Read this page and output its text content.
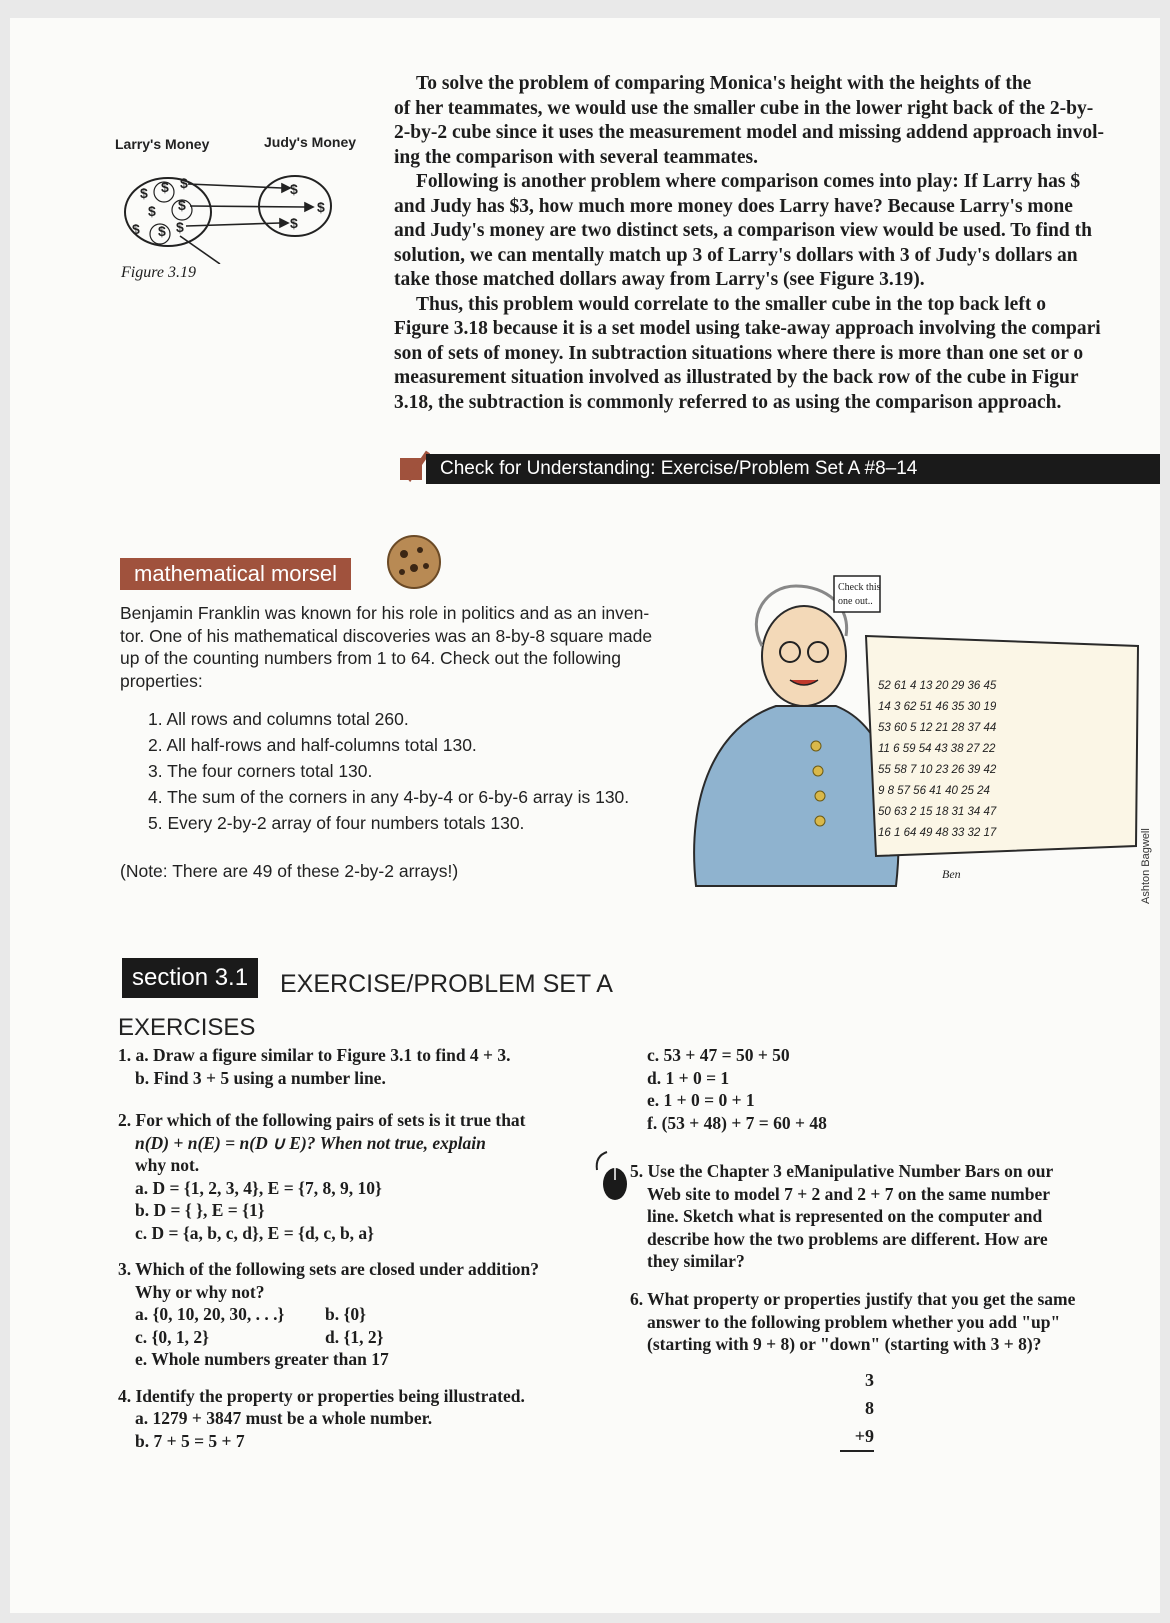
Larry's Money	Judy's Money
$ $ $
$ $
$ $ $
$
$
$
Figure 3.19
To solve the problem of comparing Monica's height with the heights of the
of her teammates, we would use the smaller cube in the lower right back of the 2-by-
2-by-2 cube since it uses the measurement model and missing addend approach invol-
ing the comparison with several teammates.
Following is another problem where comparison comes into play: If Larry has $
and Judy has $3, how much more money does Larry have? Because Larry's mone
and Judy's money are two distinct sets, a comparison view would be used. To find th
solution, we can mentally match up 3 of Larry's dollars with 3 of Judy's dollars an
take those matched dollars away from Larry's (see Figure 3.19).
Thus, this problem would correlate to the smaller cube in the top back left o
Figure 3.18 because it is a set model using take-away approach involving the compari
son of sets of money. In subtraction situations where there is more than one set or o
measurement situation involved as illustrated by the back row of the cube in Figur
3.18, the subtraction is commonly referred to as using the comparison approach.
Check for Understanding: Exercise/Problem Set A #8–14
mathematical morsel
Benjamin Franklin was known for his role in politics and as an inven-
tor. One of his mathematical discoveries was an 8-by-8 square made
up of the counting numbers from 1 to 64. Check out the following
properties:
1. All rows and columns total 260.
2. All half-rows and half-columns total 130.
3. The four corners total 130.
4. The sum of the corners in any 4-by-4 or 6-by-6 array is 130.
5. Every 2-by-2 array of four numbers totals 130.
(Note: There are 49 of these 2-by-2 arrays!)
Check this
one out..
Ben
52 61 4 13 20 29 36 45
14 3 62 51 46 35 30 19
53 60 5 12 21 28 37 44
11 6 59 54 43 38 27 22
55 58 7 10 23 26 39 42
9 8 57 56 41 40 25 24
50 63 2 15 18 31 34 47
16 1 64 49 48 33 32 17	Ashton Bagwell
section 3.1	EXERCISE/PROBLEM SET A
EXERCISES
1. a. Draw a figure similar to Figure 3.1 to find 4 + 3.
b. Find 3 + 5 using a number line.
2. For which of the following pairs of sets is it true that
n(D) + n(E) = n(D ∪ E)? When not true, explain
why not.
a. D = {1, 2, 3, 4}, E = {7, 8, 9, 10}
b. D = { }, E = {1}
c. D = {a, b, c, d}, E = {d, c, b, a}
3. Which of the following sets are closed under addition?
Why or why not?
a. {0, 10, 20, 30, . . .} b. {0}
c. {0, 1, 2}	d. {1, 2}
e. Whole numbers greater than 17
4. Identify the property or properties being illustrated.
a. 1279 + 3847 must be a whole number.
b. 7 + 5 = 5 + 7
c. 53 + 47 = 50 + 50
d. 1 + 0 = 1
e. 1 + 0 = 0 + 1
f. (53 + 48) + 7 = 60 + 48
5. Use the Chapter 3 eManipulative Number Bars on our
Web site to model 7 + 2 and 2 + 7 on the same number
line. Sketch what is represented on the computer and
describe how the two problems are different. How are
they similar?
6. What property or properties justify that you get the same
answer to the following problem whether you add "up"
(starting with 9 + 8) or "down" (starting with 3 + 8)?
3
8
+9
